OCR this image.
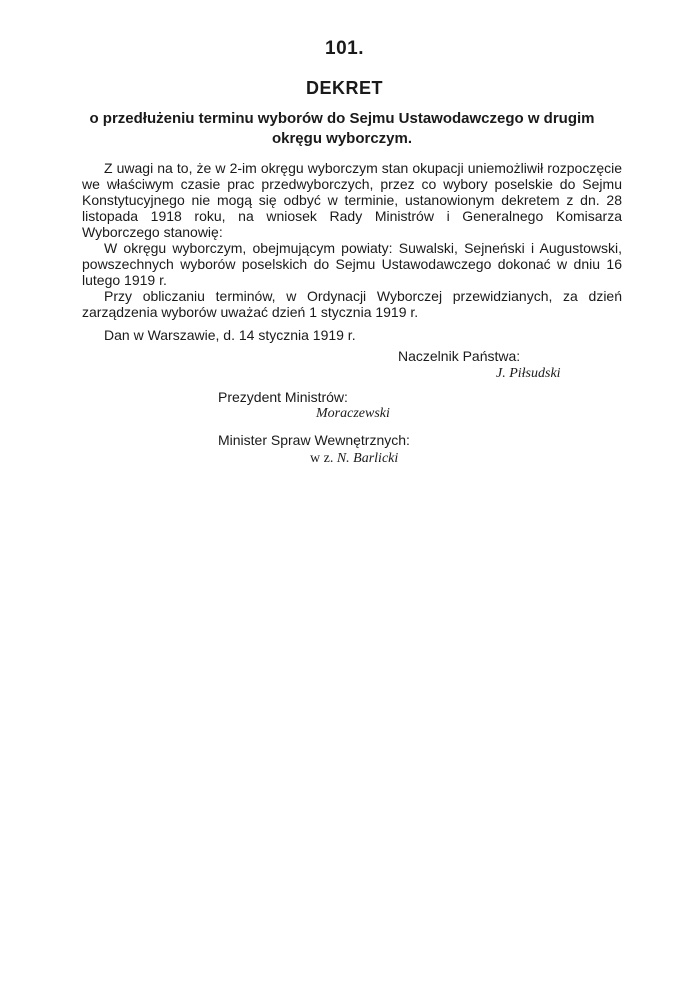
101.
DEKRET
o przedłużeniu terminu wyborów do Sejmu Ustawodawczego w drugim okręgu wyborczym.

Z uwagi na to, że w 2-im okręgu wyborczym stan okupacji uniemożliwił rozpoczęcie we właściwym czasie prac przedwyborczych, przez co wybory poselskie do Sejmu Konstytucyjnego nie mogą się odbyć w terminie, ustanowionym dekretem z dn. 28 listopada 1918 roku, na wniosek Rady Ministrów i Generalnego Komisarza Wyborczego stanowię:

W okręgu wyborczym, obejmującym powiaty: Suwalski, Sejneński i Augustowski, powszechnych wyborów poselskich do Sejmu Ustawodawczego dokonać w dniu 16 lutego 1919 r.

Przy obliczaniu terminów, w Ordynacji Wyborczej przewidzianych, za dzień zarządzenia wyborów uważać dzień 1 stycznia 1919 r.

Dan w Warszawie, d. 14 stycznia 1919 r.
Naczelnik Państwa:
J. Piłsudski
Prezydent Ministrów:
Moraczewski
Minister Spraw Wewnętrznych:
w z. N. Barlicki
